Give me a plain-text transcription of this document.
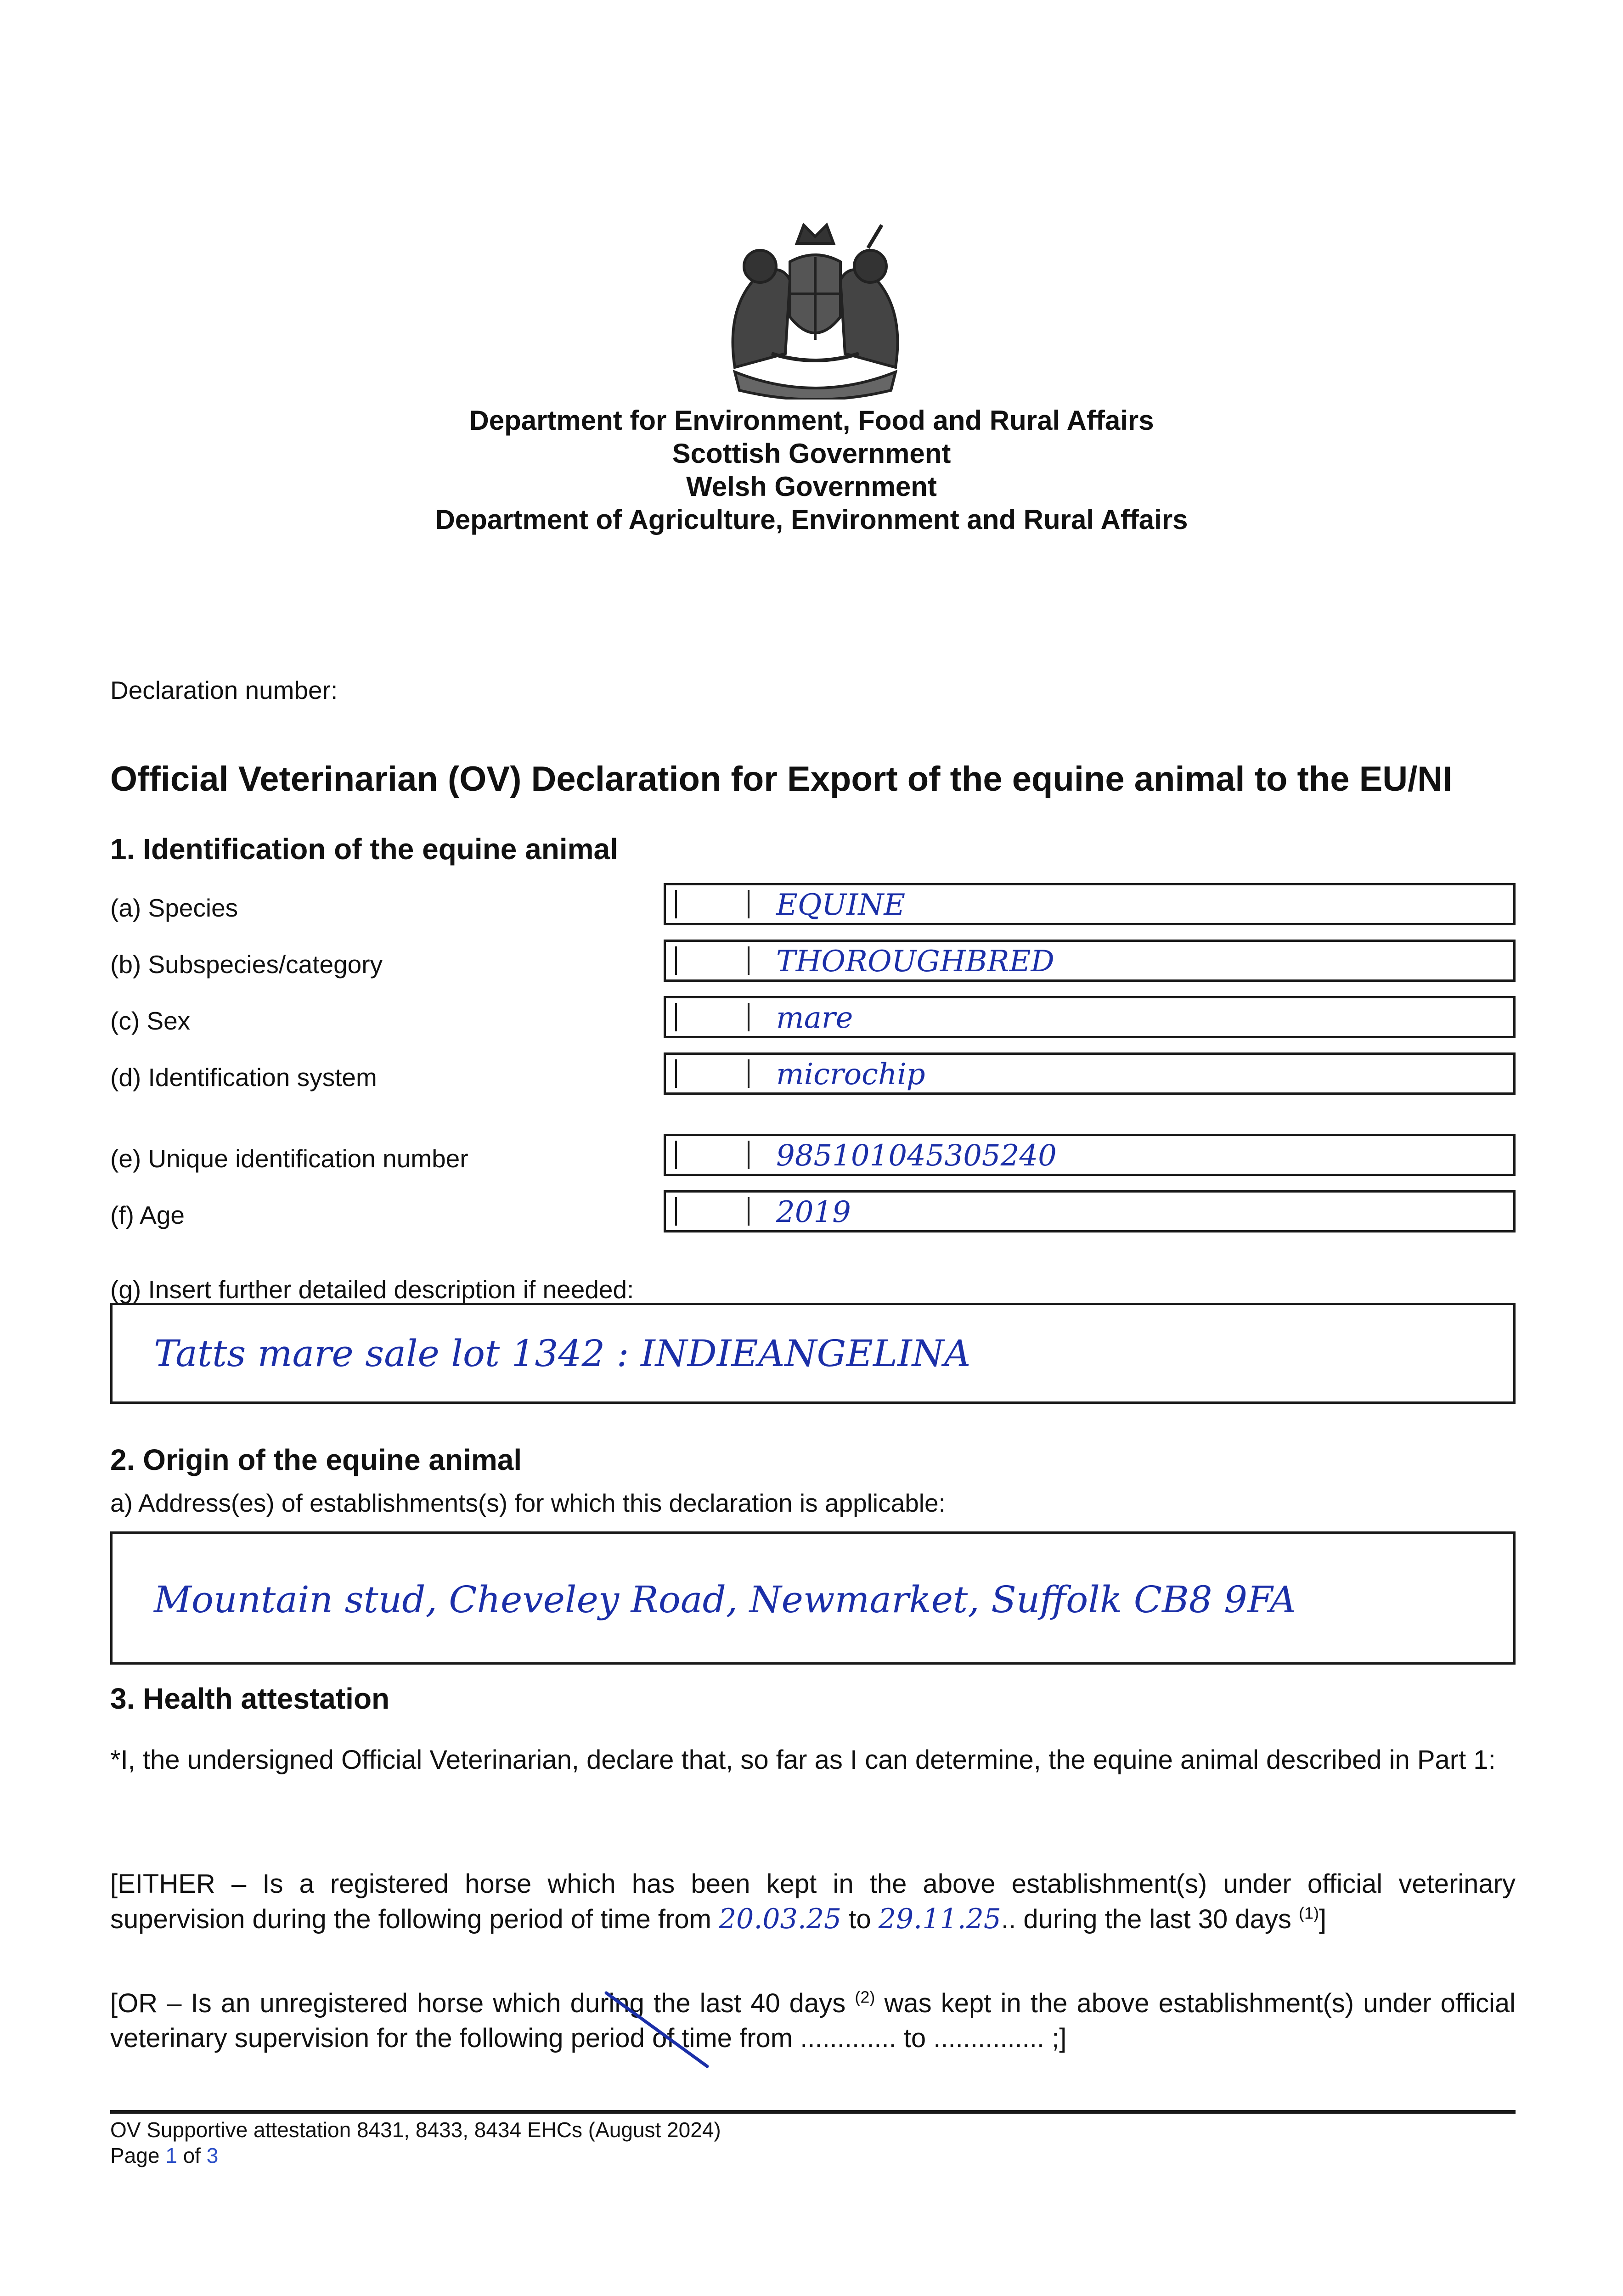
Department for Environment, Food and Rural Affairs
Scottish Government
Welsh Government
Department of Agriculture, Environment and Rural Affairs
Declaration number:
Official Veterinarian (OV) Declaration for Export of the equine animal to the EU/NI
1. Identification of the equine animal
(a) Species	EQUINE
(b) Subspecies/category	THOROUGHBRED
(c) Sex	mare
(d) Identification system	microchip
(e) Unique identification number	985101045305240
(f) Age	2019
(g) Insert further detailed description if needed:
Tatts mare sale lot 1342 : INDIEANGELINA
2. Origin of the equine animal
a) Address(es) of establishments(s) for which this declaration is applicable:
Mountain stud, Cheveley Road, Newmarket, Suffolk CB8 9FA
3. Health attestation
*I, the undersigned Official Veterinarian, declare that, so far as I can determine, the equine animal described in Part 1:
[EITHER – Is a registered horse which has been kept in the above establishment(s) under official veterinary supervision during the following period of time from 20.03.25 to 29.11.25.. during the last 30 days $^{(1)}$]
[OR – Is an unregistered horse which during the last 40 days $^{(2)}$ was kept in the above establishment(s) under official veterinary supervision for the following period of time from ............. to ............... ;]
OV Supportive attestation 8431, 8433, 8434 EHCs (August 2024)
Page 1 of 3
